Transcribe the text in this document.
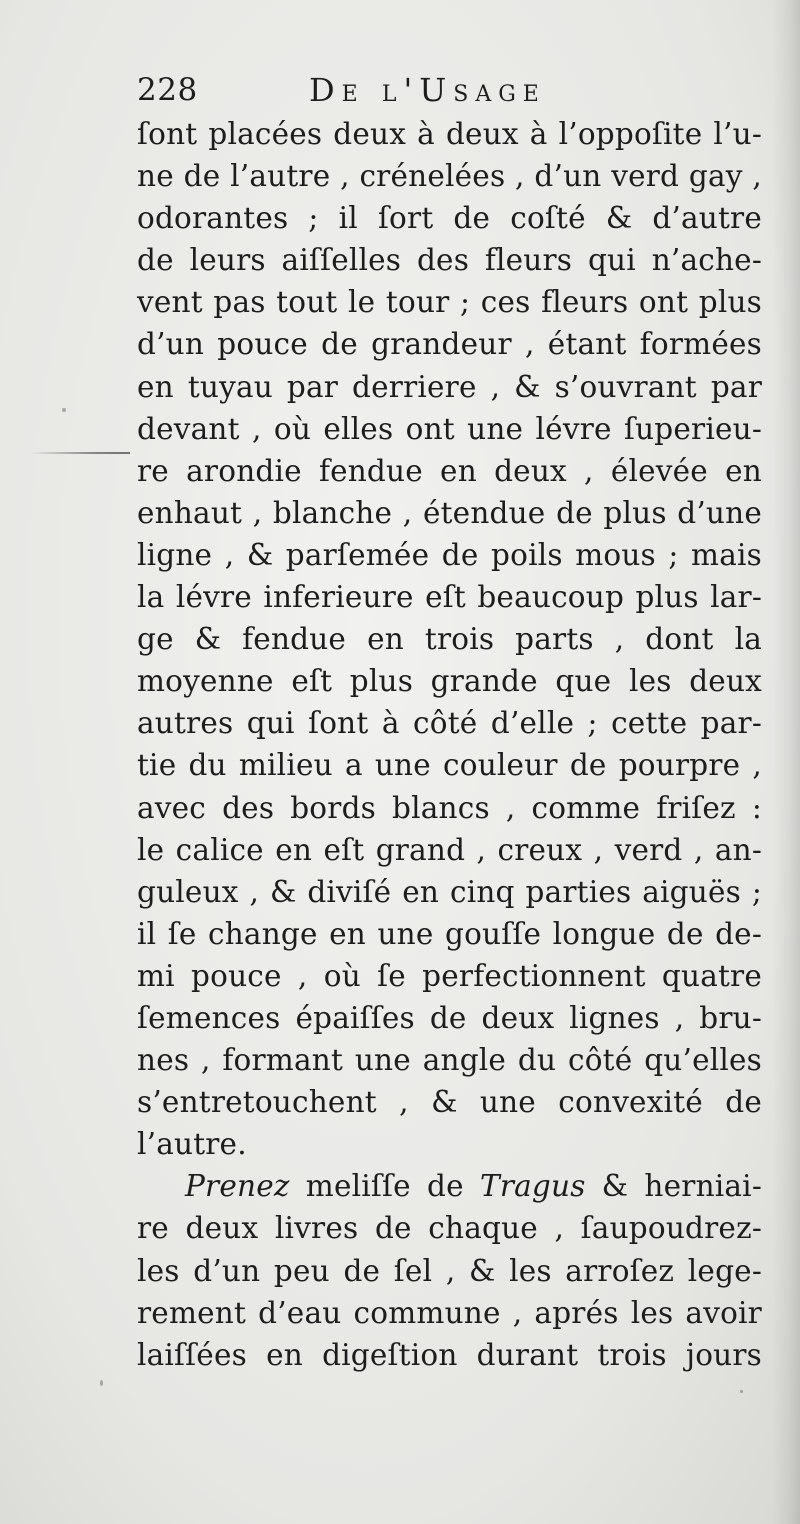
228	De l'Usage
ſont placées deux à deux à l’oppoſite l’u-
ne de l’autre , crénelées , d’un verd gay ,
odorantes ; il ſort de coſté & d’autre
de leurs aiſſelles des fleurs qui n’ache-
vent pas tout le tour ; ces fleurs ont plus
d’un pouce de grandeur , étant formées
en tuyau par derriere , & s’ouvrant par
devant , où elles ont une lévre ſuperieu-
re arondie fendue en deux , élevée en
enhaut , blanche , étendue de plus d’une
ligne , & parſemée de poils mous ; mais
la lévre inferieure eſt beaucoup plus lar-
ge & fendue en trois parts , dont la
moyenne eſt plus grande que les deux
autres qui ſont à côté d’elle ; cette par-
tie du milieu a une couleur de pourpre ,
avec des bords blancs , comme friſez :
le calice en eſt grand , creux , verd , an-
guleux , & diviſé en cinq parties aiguës ;
il ſe change en une gouſſe longue de de-
mi pouce , où ſe perfectionnent quatre
ſemences épaiſſes de deux lignes , bru-
nes , formant une angle du côté qu’elles
s’entretouchent , & une convexité de
l’autre.
Prenez meliſſe de Tragus & herniai-
re deux livres de chaque , ſaupoudrez-
les d’un peu de ſel , & les arroſez lege-
rement d’eau commune , aprés les avoir
laiſſées en digeſtion durant trois jours
